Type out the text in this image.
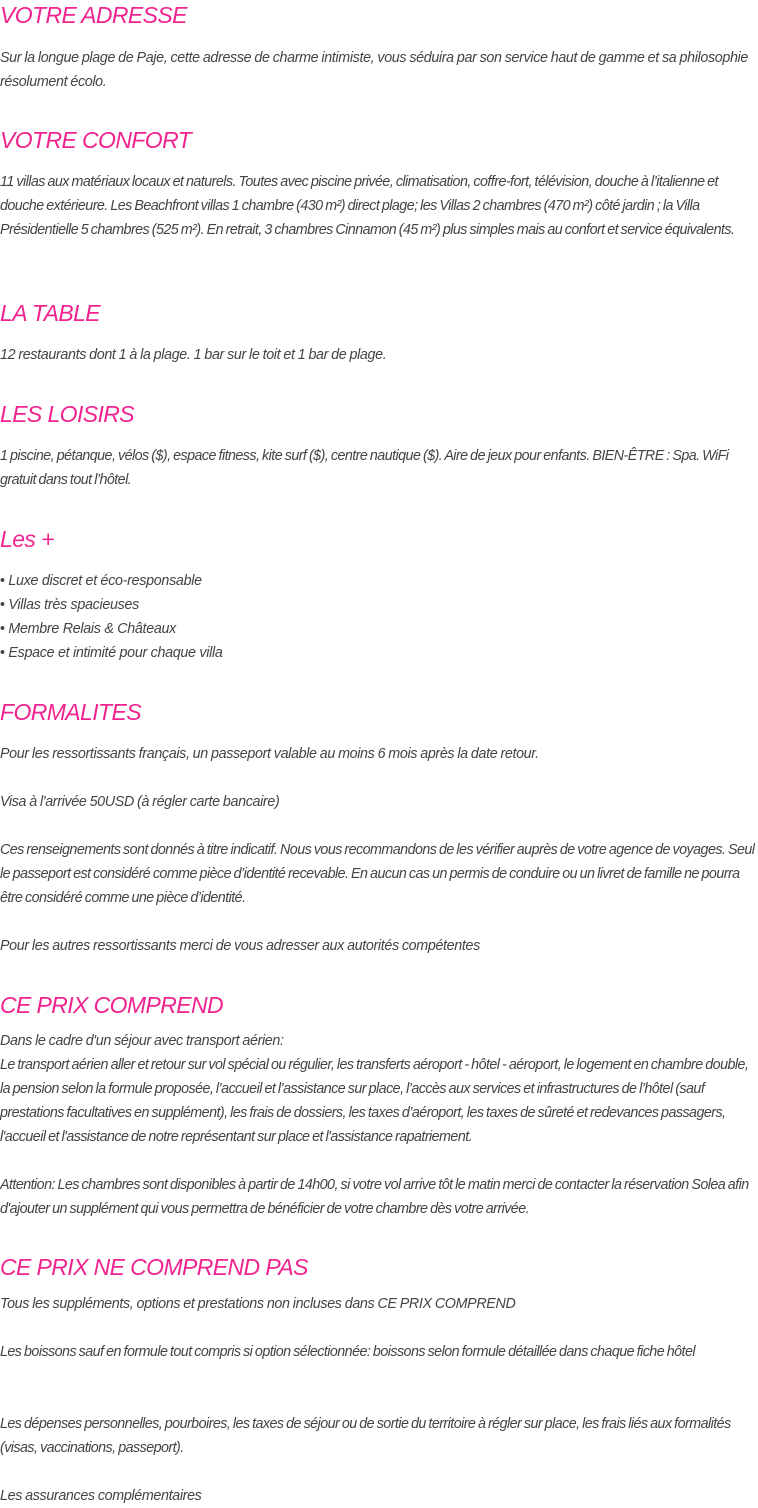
VOTRE ADRESSE

Sur la longue plage de Paje, cette adresse de charme intimiste, vous séduira par son service haut de gamme et sa philosophie résolument écolo.

VOTRE CONFORT

11 villas aux matériaux locaux et naturels. Toutes avec piscine privée, climatisation, coffre-fort, télévision, douche à l’italienne et douche extérieure. Les Beachfront villas 1 chambre (430 m²) direct plage; les Villas 2 chambres (470 m²) côté jardin ; la Villa Présidentielle 5 chambres (525 m²). En retrait, 3 chambres Cinnamon (45 m²) plus simples mais au confort et service équivalents.

LA TABLE

12 restaurants dont 1 à la plage. 1 bar sur le toit et 1 bar de plage.

LES LOISIRS

1 piscine, pétanque, vélos ($), espace fitness, kite surf ($), centre nautique ($). Aire de jeux pour enfants. BIEN-ÊTRE : Spa. WiFi gratuit dans tout l’hôtel.

Les +
• Luxe discret et éco-responsable
• Villas très spacieuses
• Membre Relais & Châteaux
• Espace et intimité pour chaque villa
FORMALITES

Pour les ressortissants français, un passeport valable au moins 6 mois après la date retour.

Visa à l'arrivée 50USD (à régler carte bancaire)

Ces renseignements sont donnés à titre indicatif. Nous vous recommandons de les vérifier auprès de votre agence de voyages. Seul le passeport est considéré comme pièce d’identité recevable. En aucun cas un permis de conduire ou un livret de famille ne pourra être considéré comme une pièce d’identité.

Pour les autres ressortissants merci de vous adresser aux autorités compétentes

CE PRIX COMPREND

Dans le cadre d'un séjour avec transport aérien:

Le transport aérien aller et retour sur vol spécial ou régulier, les transferts aéroport - hôtel - aéroport, le logement en chambre double, la pension selon la formule proposée, l’accueil et l’assistance sur place, l’accès aux services et infrastructures de l’hôtel (sauf prestations facultatives en supplément), les frais de dossiers, les taxes d’aéroport, les taxes de sûreté et redevances passagers, l'accueil et l'assistance de notre représentant sur place et l'assistance rapatriement.

Attention: Les chambres sont disponibles à partir de 14h00, si votre vol arrive tôt le matin merci de contacter la réservation Solea afin d'ajouter un supplément qui vous permettra de bénéficier de votre chambre dès votre arrivée.

CE PRIX NE COMPREND PAS

Tous les suppléments, options et prestations non incluses dans CE PRIX COMPREND

Les boissons sauf en formule tout compris si option sélectionnée: boissons selon formule détaillée dans chaque fiche hôtel

Les dépenses personnelles, pourboires, les taxes de séjour ou de sortie du territoire à régler sur place, les frais liés aux formalités (visas, vaccinations, passeport).

Les assurances complémentaires
